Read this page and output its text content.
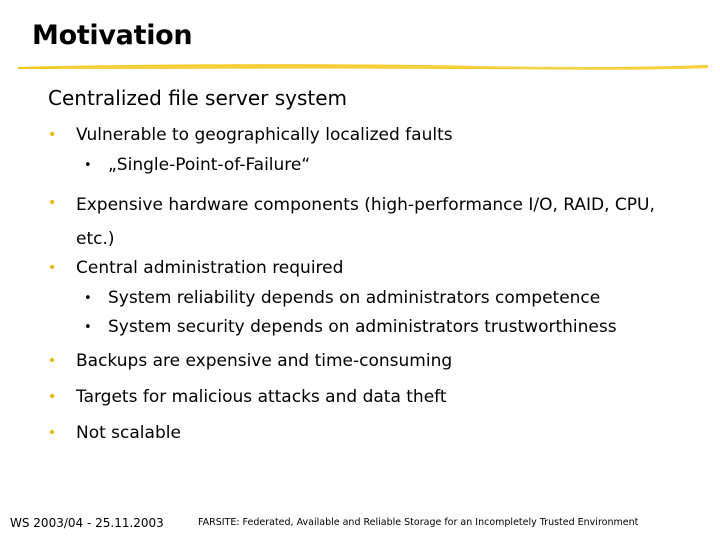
Motivation
Centralized file server system
•	Vulnerable to geographically localized faults
• „Single-Point-of-Failure“
•	Expensive hardware components (high-performance I/O, RAID, CPU, etc.)
•	Central administration required
• System reliability depends on administrators competence
• System security depends on administrators trustworthiness
•	Backups are expensive and time-consuming
•	Targets for malicious attacks and data theft
•	Not scalable
WS 2003/04 - 25.11.2003	FARSITE: Federated, Available and Reliable Storage for an Incompletely Trusted Environment
